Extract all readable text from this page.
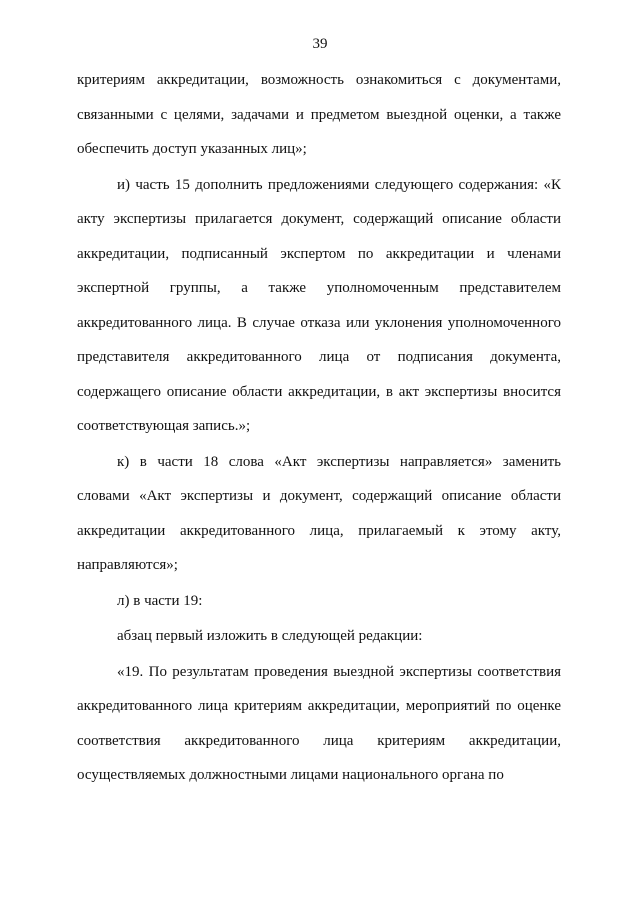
39
критериям аккредитации, возможность ознакомиться с документами,
связанными с целями, задачами и предметом выездной оценки, а также
обеспечить доступ указанных лиц»;
и) часть 15 дополнить предложениями следующего содержания: «К
акту экспертизы прилагается документ, содержащий описание области
аккредитации, подписанный экспертом по аккредитации и членами
экспертной группы, а также уполномоченным представителем
аккредитованного лица. В случае отказа или уклонения уполномоченного
представителя аккредитованного лица от подписания документа,
содержащего описание области аккредитации, в акт экспертизы вносится
соответствующая запись.»;
к) в части 18 слова «Акт экспертизы направляется» заменить
словами «Акт экспертизы и документ, содержащий описание области
аккредитации аккредитованного лица, прилагаемый к этому акту,
направляются»;
л) в части 19:
абзац первый изложить в следующей редакции:
«19. По результатам проведения выездной экспертизы соответствия
аккредитованного лица критериям аккредитации, мероприятий по оценке
соответствия аккредитованного лица критериям аккредитации,
осуществляемых должностными лицами национального органа по
